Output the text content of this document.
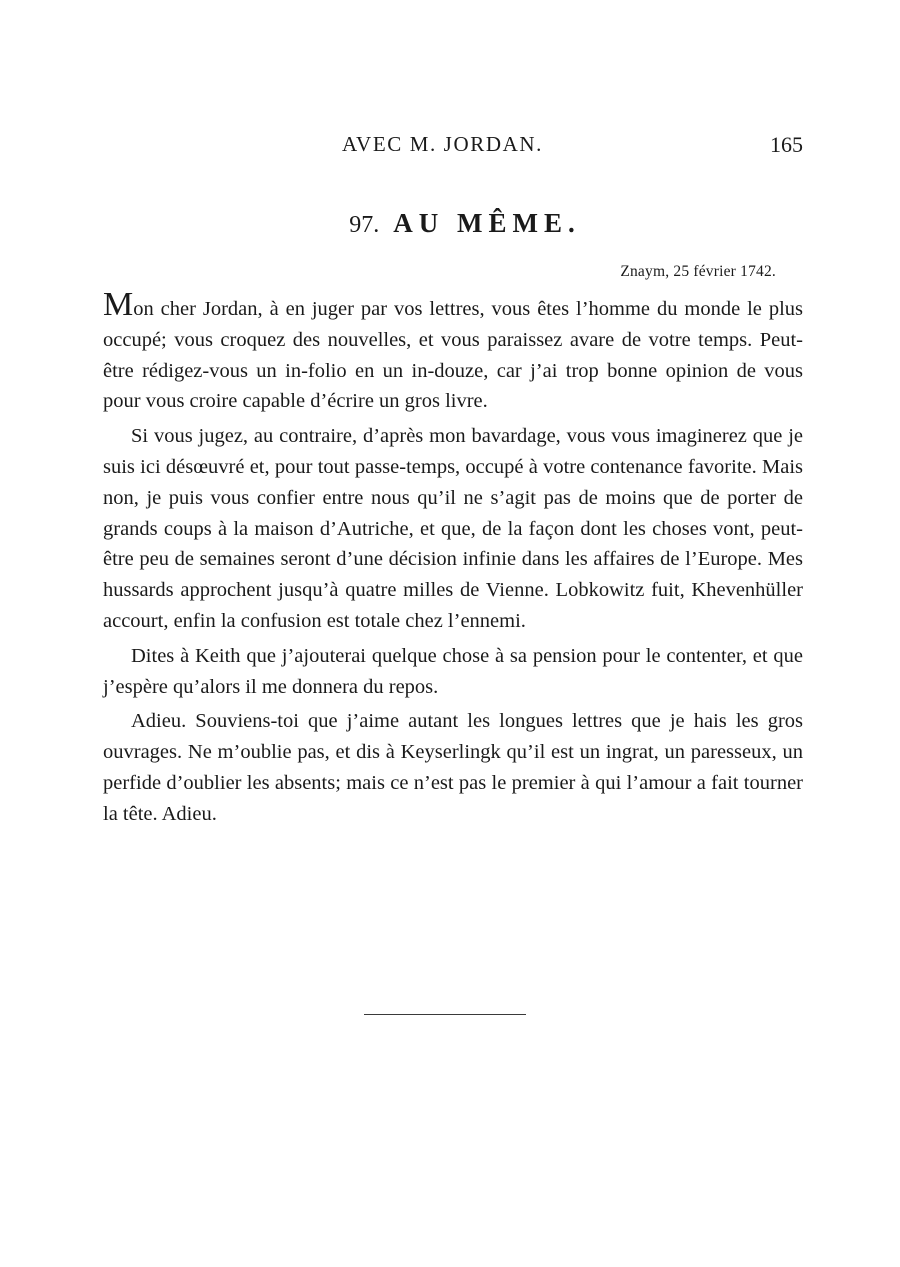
AVEC M. JORDAN.	165
97. AU MÊME.
Znaym, 25 février 1742.

Mon cher Jordan, à en juger par vos lettres, vous êtes l’homme du monde le plus occupé; vous croquez des nouvelles, et vous paraissez avare de votre temps. Peut-être rédigez-vous un in-folio en un in-douze, car j’ai trop bonne opinion de vous pour vous croire capable d’écrire un gros livre.

Si vous jugez, au contraire, d’après mon bavardage, vous vous imaginerez que je suis ici désœuvré et, pour tout passe-temps, occupé à votre contenance favorite. Mais non, je puis vous confier entre nous qu’il ne s’agit pas de moins que de porter de grands coups à la maison d’Autriche, et que, de la façon dont les choses vont, peut-être peu de semaines seront d’une décision infinie dans les affaires de l’Europe. Mes hussards approchent jusqu’à quatre milles de Vienne. Lobkowitz fuit, Khevenhüller accourt, enfin la confusion est totale chez l’ennemi.

Dites à Keith que j’ajouterai quelque chose à sa pension pour le contenter, et que j’espère qu’alors il me donnera du repos.

Adieu. Souviens-toi que j’aime autant les longues lettres que je hais les gros ouvrages. Ne m’oublie pas, et dis à Keyserlingk qu’il est un ingrat, un paresseux, un perfide d’oublier les absents; mais ce n’est pas le premier à qui l’amour a fait tourner la tête. Adieu.
